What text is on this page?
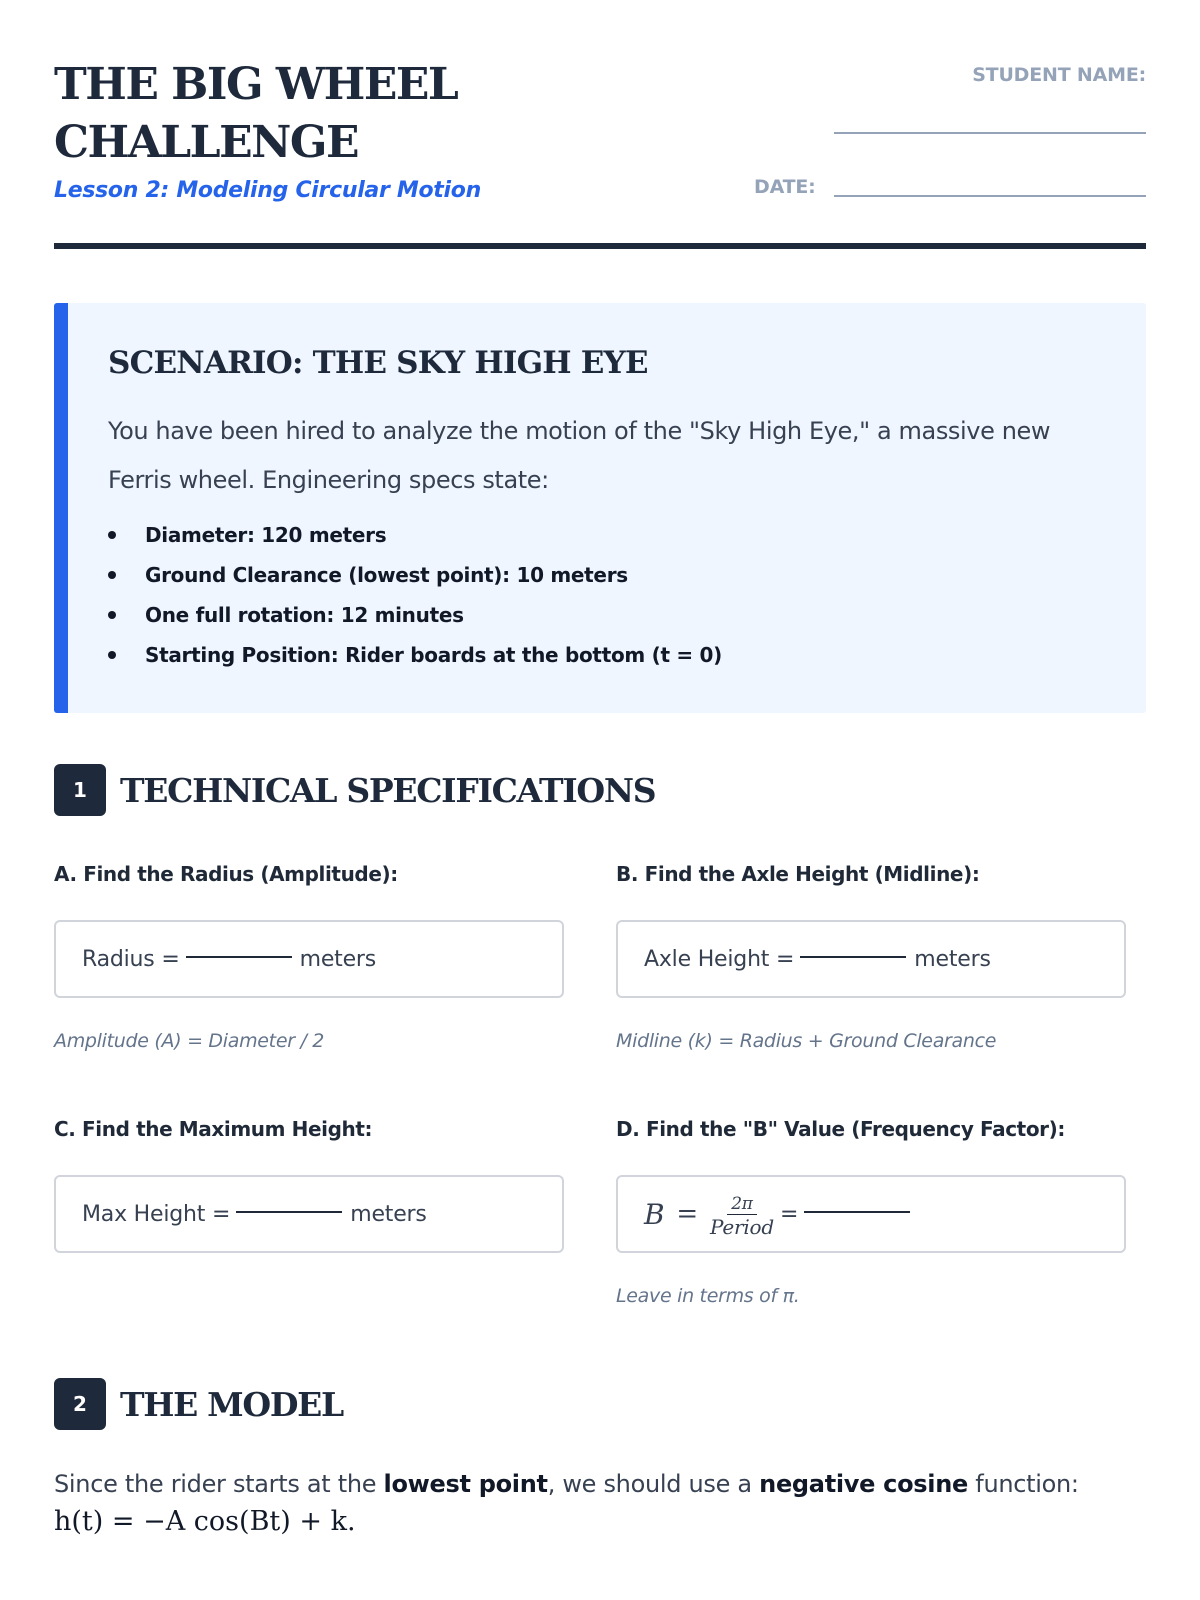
THE BIG WHEEL CHALLENGE
Lesson 2: Modeling Circular Motion
STUDENT NAME:
DATE:
SCENARIO: THE SKY HIGH EYE
You have been hired to analyze the motion of the "Sky High Eye," a massive new Ferris wheel. Engineering specs state:
Diameter: 120 meters
Ground Clearance (lowest point): 10 meters
One full rotation: 12 minutes
Starting Position: Rider boards at the bottom (t = 0)
1	TECHNICAL SPECIFICATIONS
A. Find the Radius (Amplitude):
Radius =	meters
Amplitude (A) = Diameter / 2
B. Find the Axle Height (Midline):
Axle Height =	meters
Midline (k) = Radius + Ground Clearance
C. Find the Maximum Height:
Max Height =	meters
D. Find the "B" Value (Frequency Factor):
$B = \frac{2\pi}{\text{Period}}$ =
Leave in terms of π.
2	THE MODEL
Since the rider starts at the lowest point, we should use a negative cosine function:
h(t) = −A cos(Bt) + k.
